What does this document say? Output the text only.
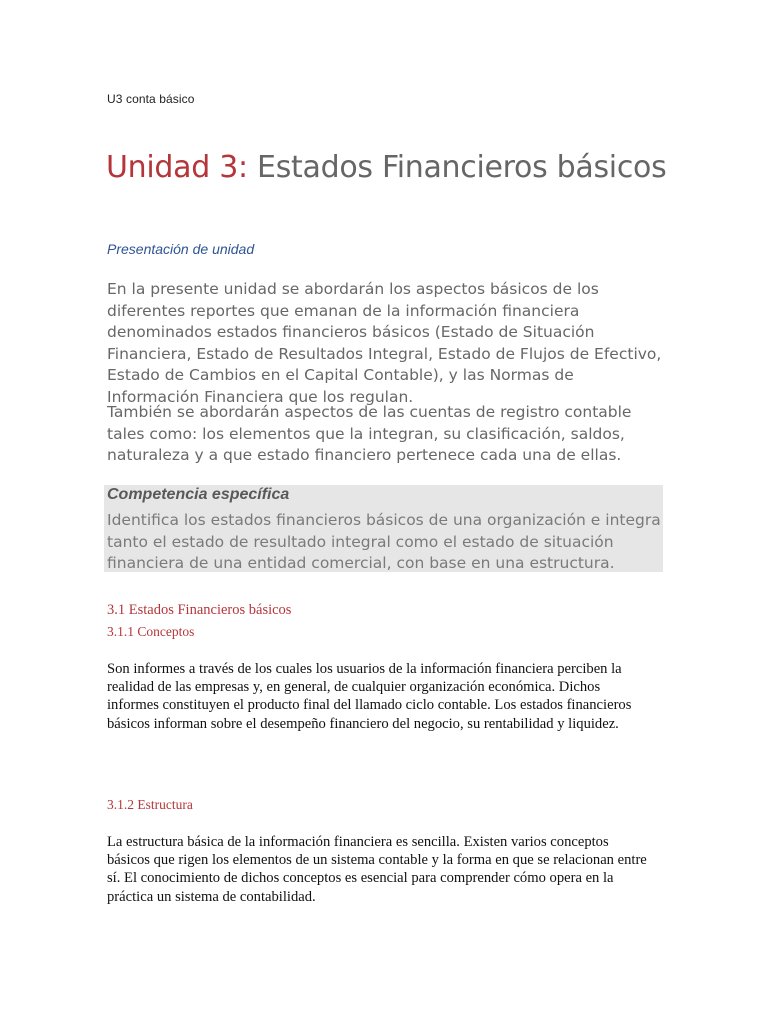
U3 conta básico
Unidad 3: Estados Financieros básicos
Presentación de unidad
En la presente unidad se abordarán los aspectos básicos de los diferentes reportes que emanan de la información financiera denominados estados financieros básicos (Estado de Situación Financiera, Estado de Resultados Integral, Estado de Flujos de Efectivo, Estado de Cambios en el Capital Contable), y las Normas de Información Financiera que los regulan.
También se abordarán aspectos de las cuentas de registro contable tales como: los elementos que la integran, su clasificación, saldos, naturaleza y a que estado financiero pertenece cada una de ellas.
Competencia específica
Identifica los estados financieros básicos de una organización e integra tanto el estado de resultado integral como el estado de situación financiera de una entidad comercial, con base en una estructura.
3.1 Estados Financieros básicos
3.1.1 Conceptos
Son informes a través de los cuales los usuarios de la información financiera perciben la realidad de las empresas y, en general, de cualquier organización económica. Dichos informes constituyen el producto final del llamado ciclo contable. Los estados financieros básicos informan sobre el desempeño financiero del negocio, su rentabilidad y liquidez.
3.1.2 Estructura
La estructura básica de la información financiera es sencilla. Existen varios conceptos básicos que rigen los elementos de un sistema contable y la forma en que se relacionan entre sí. El conocimiento de dichos conceptos es esencial para comprender cómo opera en la práctica un sistema de contabilidad.
